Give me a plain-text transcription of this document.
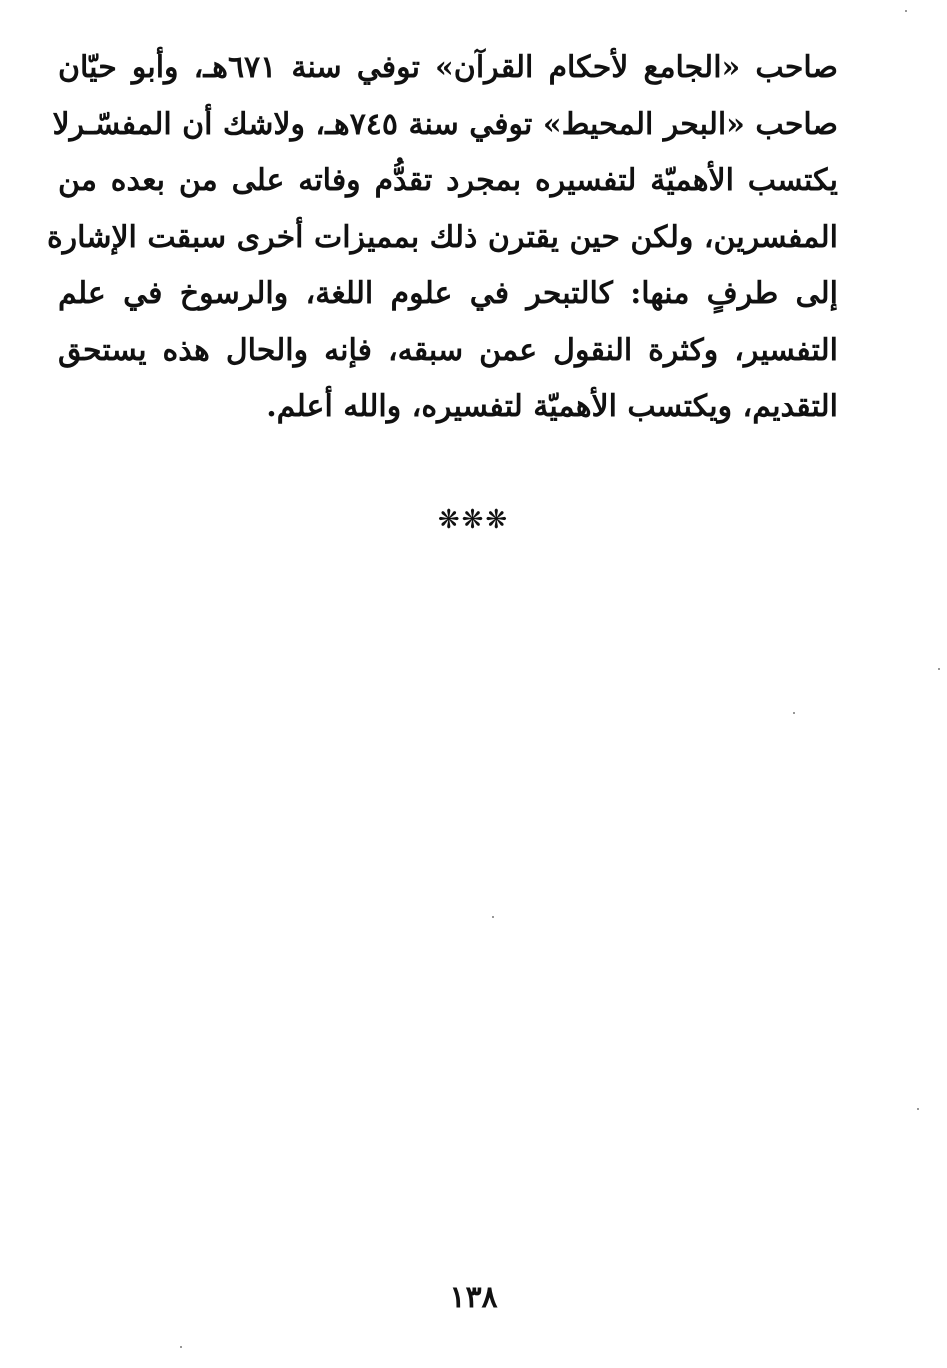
صاحب «الجامع لأحكام القرآن» توفي سنة ٦٧١هـ، وأبو حيّان
صاحب «البحر المحيط» توفي سنة ٧٤٥هـ، ولاشك أن المفسّـرلا
يكتسب الأهميّة لتفسيره بمجرد تقدُّم وفاته على من بعده من
المفسرين، ولكن حين يقترن ذلك بمميزات أخرى سبقت الإشارة
إلى طرفٍ منها: كالتبحر في علوم اللغة، والرسوخ في علم
التفسير، وكثرة النقول عمن سبقه، فإنه والحال هذه يستحق
التقديم، ويكتسب الأهميّة لتفسيره، والله أعلم.
❋❋❋
١٣٨
